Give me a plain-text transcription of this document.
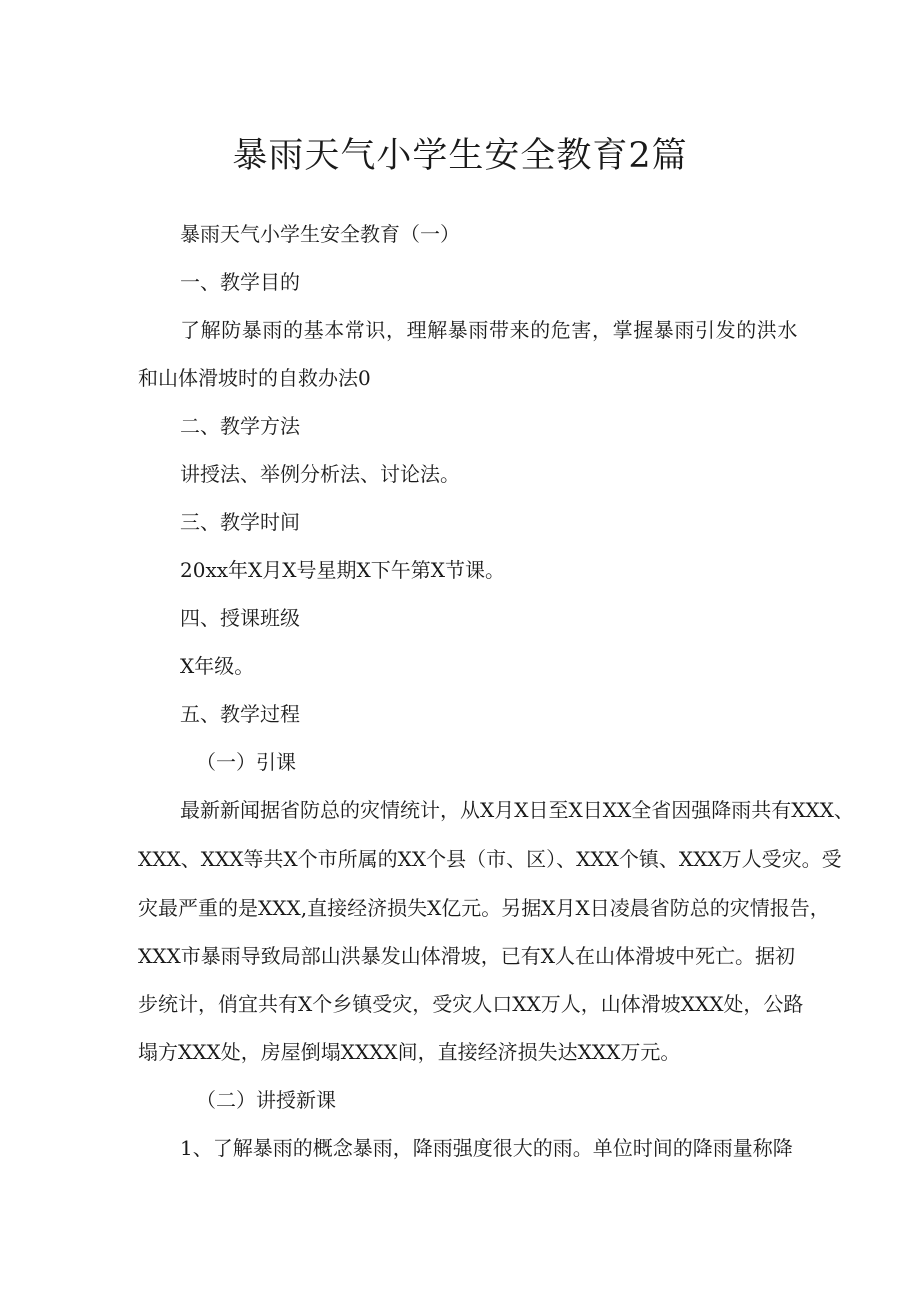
暴雨天气小学生安全教育2篇
暴雨天气小学生安全教育（一）
一、教学目的
了解防暴雨的基本常识，理解暴雨带来的危害，掌握暴雨引发的洪水
和山体滑坡时的自救办法0
二、教学方法
讲授法、举例分析法、讨论法。
三、教学时间
20xx年X月X号星期X下午第X节课。
四、授课班级
X年级。
五、教学过程
（一）引课
最新新闻据省防总的灾情统计，从X月X日至X日XX全省因强降雨共有XXX、
XXX、XXX等共X个市所属的XX个县（市、区）、XXX个镇、XXX万人受灾。受
灾最严重的是XXX,直接经济损失X亿元。另据X月X日凌晨省防总的灾情报告，
XXX市暴雨导致局部山洪暴发山体滑坡，已有X人在山体滑坡中死亡。据初
步统计，俏宜共有X个乡镇受灾，受灾人口XX万人，山体滑坡XXX处，公路
塌方XXX处，房屋倒塌XXXX间，直接经济损失达XXX万元。
（二）讲授新课
1、了解暴雨的概念暴雨，降雨强度很大的雨。单位时间的降雨量称降
